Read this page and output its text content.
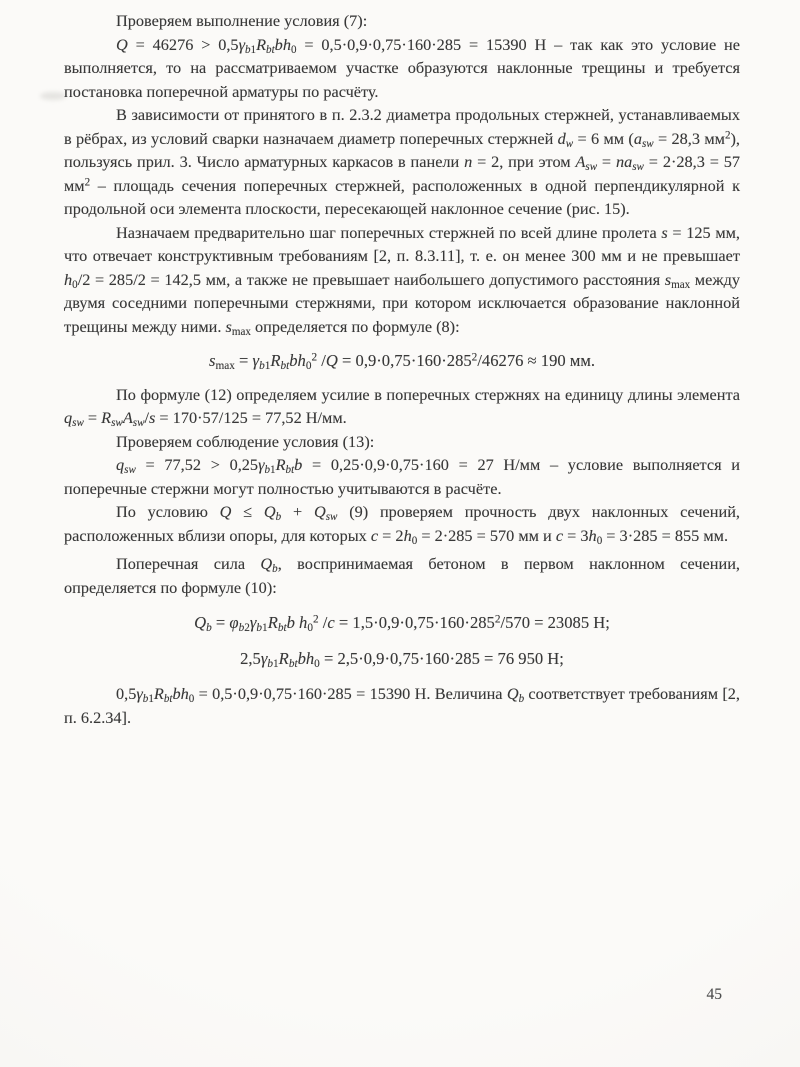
Проверяем выполнение условия (7):

$Q = 46276 > 0,5\gamma_{b1}R_{bt}bh_0 = 0,5\cdot 0,9\cdot 0,75\cdot 160\cdot 285 = 15390$ Н – так как это условие не выполняется, то на рассматриваемом участке образуются наклонные трещины и требуется постановка поперечной арматуры по расчёту.

В зависимости от принятого в п. 2.3.2 диаметра продольных стержней, устанавливаемых в рёбрах, из условий сварки назначаем диаметр поперечных стержней $d_w = 6$ мм ($a_{sw} = 28,3$ $мм^2$), пользуясь прил. 3. Число арматурных каркасов в панели n = 2, при этом $A_{sw} = na_{sw} = 2\cdot 28,3 = 57$ $мм^2$ – площадь сечения поперечных стержней, расположенных в одной перпендикулярной к продольной оси элемента плоскости, пересекающей наклонное сечение (рис. 15).

Назначаем предварительно шаг поперечных стержней по всей длине пролета s = 125 мм, что отвечает конструктивным требованиям [2, п. 8.3.11], т. е. он менее 300 мм и не превышает $h_0/2 = 285/2 = 142,5$ мм, а также не превышает наибольшего допустимого расстояния $s_{max}$ между двумя соседними поперечными стержнями, при котором исключается образование наклонной трещины между ними. $s_{max}$ определяется по формуле (8):

$s_{max} = \gamma_{b1}R_{bt}bh_0^2$ $/Q = 0,9\cdot 0,75\cdot 160\cdot 285^2/46276 \approx 190$ мм.

По формуле (12) определяем усилие в поперечных стержнях на единицу длины элемента $q_{sw} = R_{sw}A_{sw}/s = 170\cdot 57/125 = 77,52$ Н/мм.

Проверяем соблюдение условия (13):

$q_{sw} = 77,52 > 0,25\gamma_{b1}R_{bt}b = 0,25\cdot 0,9\cdot 0,75\cdot 160 = 27$ Н/мм – условие выполняется и поперечные стержни могут полностью учитываются в расчёте.

По условию $Q \le Q_b + Q_{sw}$ (9) проверяем прочность двух наклонных сечений, расположенных вблизи опоры, для которых $c = 2h_0 = 2\cdot 285 = 570$ мм и $c = 3h_0 = 3\cdot 285 = 855$ мм.

Поперечная сила $Q_b$, воспринимаемая бетоном в первом наклонном сечении, определяется по формуле (10):

$Q_b = \varphi_{b2}\gamma_{b1}R_{bt}b$ $h_0^2$ $/c = 1,5\cdot 0,9\cdot 0,75\cdot 160\cdot 285^2/570 = 23085$ Н;

$2,5\gamma_{b1}R_{bt}bh_0 = 2,5\cdot 0,9\cdot 0,75\cdot 160\cdot 285 = 76$ 950 Н;

$0,5\gamma_{b1}R_{bt}bh_0 = 0,5\cdot 0,9\cdot 0,75\cdot 160\cdot 285 = 15390$ Н. Величина $Q_b$ соответствует требованиям [2, п. 6.2.34].

45
